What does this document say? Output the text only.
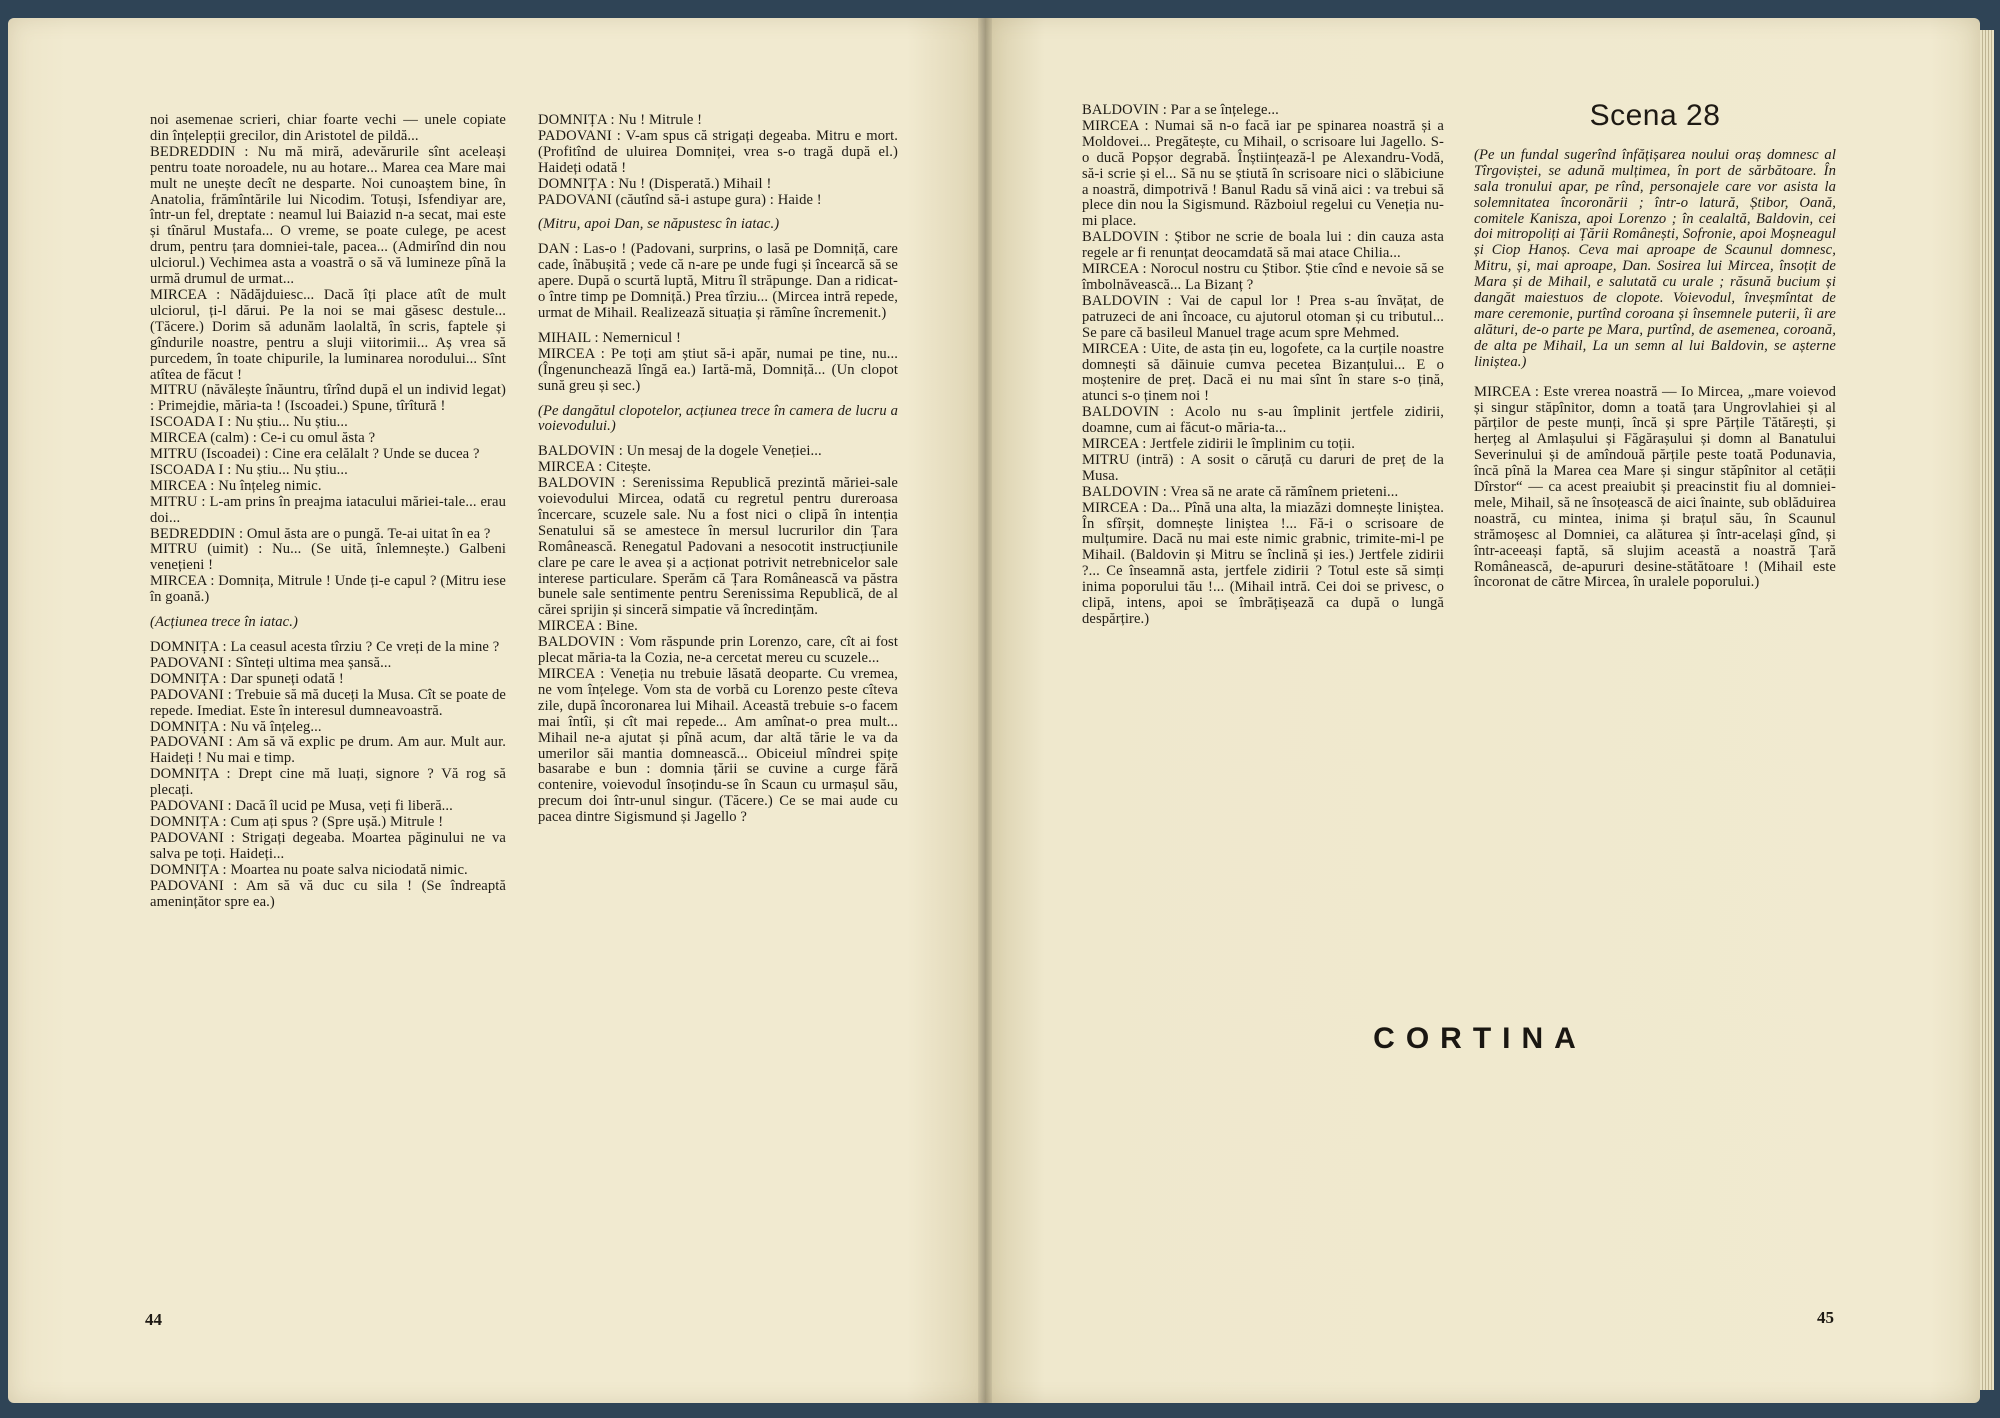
noi asemenae scrieri, chiar foarte vechi — unele copiate din înțelepții grecilor, din Aristotel de pildă...

BEDREDDIN : Nu mă miră, adevărurile sînt aceleași pentru toate noroadele, nu au hotare... Marea cea Mare mai mult ne unește decît ne desparte. Noi cunoaștem bine, în Anatolia, frămîntările lui Nicodim. Totuși, Isfendiyar are, într-un fel, dreptate : neamul lui Baiazid n-a secat, mai este și tînărul Mustafa... O vreme, se poate culege, pe acest drum, pentru țara domniei-tale, pacea... (Admirînd din nou ulciorul.) Vechimea asta a voastră o să vă lumineze pînă la urmă drumul de urmat...

MIRCEA : Nădăjduiesc... Dacă îți place atît de mult ulciorul, ți-l dărui. Pe la noi se mai găsesc destule... (Tăcere.) Dorim să adunăm laolaltă, în scris, faptele și gîndurile noastre, pentru a sluji viitorimii... Aș vrea să purcedem, în toate chipurile, la luminarea norodului... Sînt atîtea de făcut !

MITRU (năvălește înăuntru, tîrînd după el un individ legat) : Primejdie, măria-ta ! (Iscoadei.) Spune, tîrîtură !

ISCOADA I : Nu știu... Nu știu...

MIRCEA (calm) : Ce-i cu omul ăsta ?

MITRU (Iscoadei) : Cine era celălalt ? Unde se ducea ?

ISCOADA I : Nu știu... Nu știu...

MIRCEA : Nu înțeleg nimic.

MITRU : L-am prins în preajma iatacului măriei-tale... erau doi...

BEDREDDIN : Omul ăsta are o pungă. Te-ai uitat în ea ?

MITRU (uimit) : Nu... (Se uită, înlemnește.) Galbeni venețieni !

MIRCEA : Domnița, Mitrule ! Unde ți-e capul ? (Mitru iese în goană.)

(Acțiunea trece în iatac.)

DOMNIȚA : La ceasul acesta tîrziu ? Ce vreți de la mine ?

PADOVANI : Sînteți ultima mea șansă...

DOMNIȚA : Dar spuneți odată !

PADOVANI : Trebuie să mă duceți la Musa. Cît se poate de repede. Imediat. Este în interesul dumneavoastră.

DOMNIȚA : Nu vă înțeleg...

PADOVANI : Am să vă explic pe drum. Am aur. Mult aur. Haideți ! Nu mai e timp.

DOMNIȚA : Drept cine mă luați, signore ? Vă rog să plecați.

PADOVANI : Dacă îl ucid pe Musa, veți fi liberă...

DOMNIȚA : Cum ați spus ? (Spre ușă.) Mitrule !

PADOVANI : Strigați degeaba. Moartea păginului ne va salva pe toți. Haideți...

DOMNIȚA : Moartea nu poate salva niciodată nimic.

PADOVANI : Am să vă duc cu sila ! (Se îndreaptă amenințător spre ea.)

DOMNIȚA : Nu ! Mitrule !

PADOVANI : V-am spus că strigați degeaba. Mitru e mort. (Profitînd de uluirea Domniței, vrea s-o tragă după el.) Haideți odată !

DOMNIȚA : Nu ! (Disperată.) Mihail !

PADOVANI (căutînd să-i astupe gura) : Haide !

(Mitru, apoi Dan, se năpustesc în iatac.)

DAN : Las-o ! (Padovani, surprins, o lasă pe Domniță, care cade, înăbușită ; vede că n-are pe unde fugi și încearcă să se apere. După o scurtă luptă, Mitru îl străpunge. Dan a ridicat-o între timp pe Domniță.) Prea tîrziu... (Mircea intră repede, urmat de Mihail. Realizează situația și rămîne încremenit.)

MIHAIL : Nemernicul !

MIRCEA : Pe toți am știut să-i apăr, numai pe tine, nu... (Îngenunchează lîngă ea.) Iartă-mă, Domniță... (Un clopot sună greu și sec.)

(Pe dangătul clopotelor, acțiunea trece în camera de lucru a voievodului.)

BALDOVIN : Un mesaj de la dogele Veneției...

MIRCEA : Citește.

BALDOVIN : Serenissima Republică prezintă măriei-sale voievodului Mircea, odată cu regretul pentru dureroasa încercare, scuzele sale. Nu a fost nici o clipă în intenția Senatului să se amestece în mersul lucrurilor din Țara Românească. Renegatul Padovani a nesocotit instrucțiunile clare pe care le avea și a acționat potrivit netrebnicelor sale interese particulare. Sperăm că Țara Românească va păstra bunele sale sentimente pentru Serenissima Republică, de al cărei sprijin și sinceră simpatie vă încredințăm.

MIRCEA : Bine.

BALDOVIN : Vom răspunde prin Lorenzo, care, cît ai fost plecat măria-ta la Cozia, ne-a cercetat mereu cu scuzele...

MIRCEA : Veneția nu trebuie lăsată deoparte. Cu vremea, ne vom înțelege. Vom sta de vorbă cu Lorenzo peste cîteva zile, după încoronarea lui Mihail. Această trebuie s-o facem mai întîi, și cît mai repede... Am amînat-o prea mult... Mihail ne-a ajutat și pînă acum, dar altă tărie le va da umerilor săi mantia domnească... Obiceiul mîndrei spițe basarabe e bun : domnia țării se cuvine a curge fără contenire, voievodul însoțindu-se în Scaun cu urmașul său, precum doi într-unul singur. (Tăcere.) Ce se mai aude cu pacea dintre Sigismund și Jagello ?

44

BALDOVIN : Par a se înțelege...

MIRCEA : Numai să n-o facă iar pe spinarea noastră și a Moldovei... Pregătește, cu Mihail, o scrisoare lui Jagello. S-o ducă Popșor degrabă. Înștiințează-l pe Alexandru-Vodă, să-i scrie și el... Să nu se știută în scrisoare nici o slăbiciune a noastră, dimpotrivă ! Banul Radu să vină aici : va trebui să plece din nou la Sigismund. Războiul regelui cu Veneția nu-mi place.

BALDOVIN : Știbor ne scrie de boala lui : din cauza asta regele ar fi renunțat deocamdată să mai atace Chilia...

MIRCEA : Norocul nostru cu Știbor. Știe cînd e nevoie să se îmbolnăvească... La Bizanț ?

BALDOVIN : Vai de capul lor ! Prea s-au învățat, de patruzeci de ani încoace, cu ajutorul otoman și cu tributul... Se pare că basileul Manuel trage acum spre Mehmed.

MIRCEA : Uite, de asta țin eu, logofete, ca la curțile noastre domnești să dăinuie cumva pecetea Bizanțului... E o moștenire de preț. Dacă ei nu mai sînt în stare s-o țină, atunci s-o ținem noi !

BALDOVIN : Acolo nu s-au împlinit jertfele zidirii, doamne, cum ai făcut-o măria-ta...

MIRCEA : Jertfele zidirii le împlinim cu toții.

MITRU (intră) : A sosit o căruță cu daruri de preț de la Musa.

BALDOVIN : Vrea să ne arate că rămînem prieteni...

MIRCEA : Da... Pînă una alta, la miazăzi domnește liniștea. În sfîrșit, domnește liniștea !... Fă-i o scrisoare de mulțumire. Dacă nu mai este nimic grabnic, trimite-mi-l pe Mihail. (Baldovin și Mitru se înclină și ies.) Jertfele zidirii ?... Ce înseamnă asta, jertfele zidirii ? Totul este să simți inima poporului tău !... (Mihail intră. Cei doi se privesc, o clipă, intens, apoi se îmbrățișează ca după o lungă despărțire.)

Scena 28

(Pe un fundal sugerînd înfățișarea noului oraș domnesc al Tîrgoviștei, se adună mulțimea, în port de sărbătoare. În sala tronului apar, pe rînd, personajele care vor asista la solemnitatea încoronării ; într-o latură, Știbor, Oană, comitele Kanisza, apoi Lorenzo ; în cealaltă, Baldovin, cei doi mitropoliți ai Țării Românești, Sofronie, apoi Moșneagul și Ciop Hanoș. Ceva mai aproape de Scaunul domnesc, Mitru, și, mai aproape, Dan. Sosirea lui Mircea, însoțit de Mara și de Mihail, e salutată cu urale ; răsună bucium și dangăt maiestuos de clopote. Voievodul, înveșmîntat de mare ceremonie, purtînd coroana și însemnele puterii, îi are alături, de-o parte pe Mara, purtînd, de asemenea, coroană, de alta pe Mihail, La un semn al lui Baldovin, se așterne liniștea.)

MIRCEA : Este vrerea noastră — Io Mircea, „mare voievod și singur stăpînitor, domn a toată țara Ungrovlahiei și al părților de peste munți, încă și spre Părțile Tătărești, și herțeg al Amlașului și Făgărașului și domn al Banatului Severinului și de amîndouă părțile peste toată Podunavia, încă pînă la Marea cea Mare și singur stăpînitor al cetății Dîrstor“ — ca acest preaiubit și preacinstit fiu al domniei-mele, Mihail, să ne însoțească de aici înainte, sub oblăduirea noastră, cu mintea, inima și brațul său, în Scaunul strămoșesc al Domniei, ca alăturea și într-același gînd, și într-aceeași faptă, să slujim această a noastră Țară Românească, de-apururi desine-stătătoare ! (Mihail este încoronat de către Mircea, în uralele poporului.)

CORTINA
45
